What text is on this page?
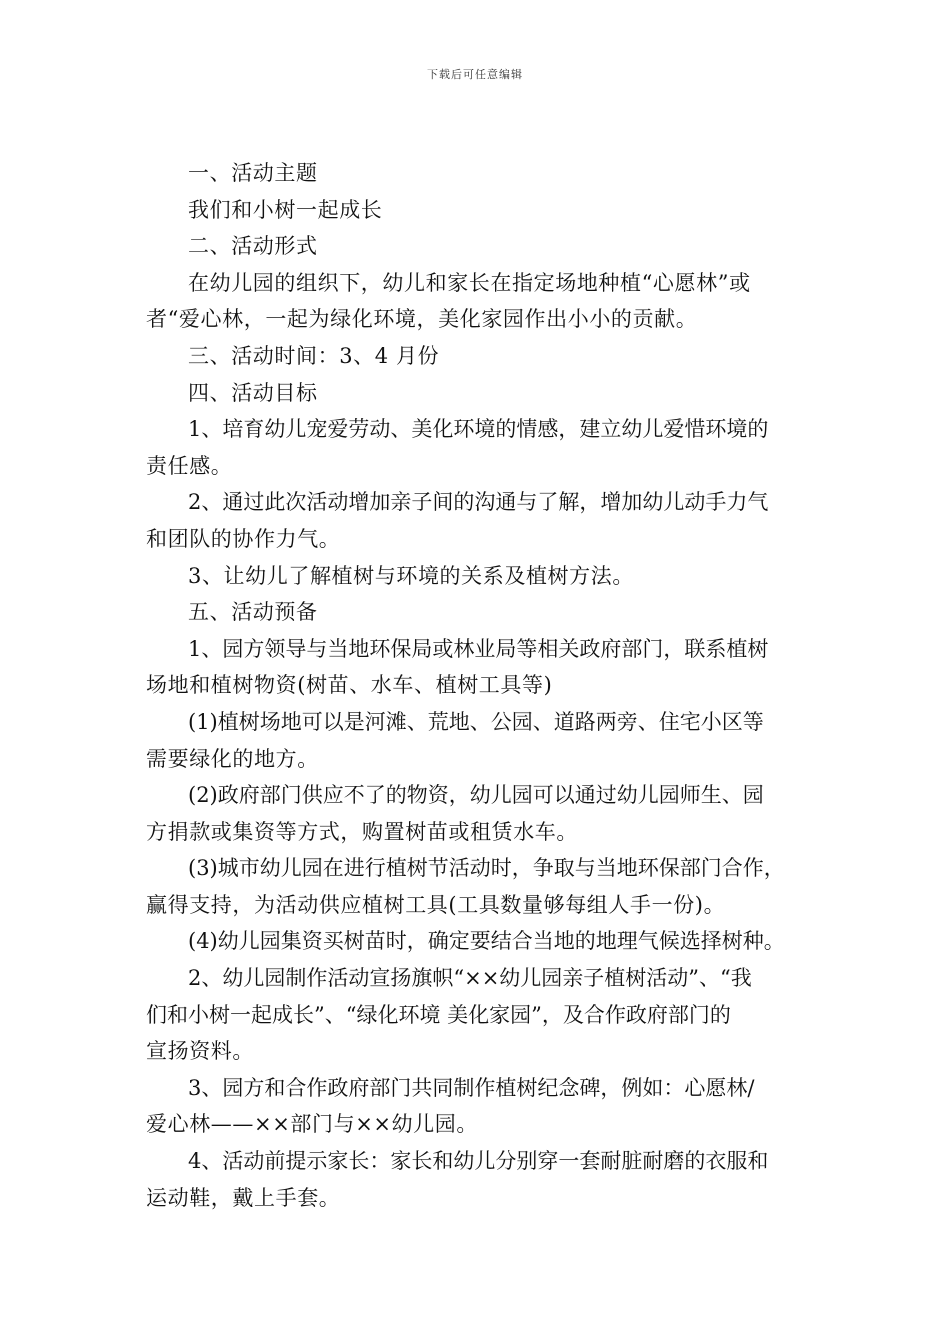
下载后可任意编辑
一、活动主题
我们和小树一起成长
二、活动形式
在幼儿园的组织下，幼儿和家长在指定场地种植“心愿林”或
者“爱心林，一起为绿化环境，美化家园作出小小的贡献。
三、活动时间：3、4 月份
四、活动目标
1、培育幼儿宠爱劳动、美化环境的情感，建立幼儿爱惜环境的
责任感。
2、通过此次活动增加亲子间的沟通与了解，增加幼儿动手力气
和团队的协作力气。
3、让幼儿了解植树与环境的关系及植树方法。
五、活动预备
1、园方领导与当地环保局或林业局等相关政府部门，联系植树
场地和植树物资(树苗、水车、植树工具等)
(1)植树场地可以是河滩、荒地、公园、道路两旁、住宅小区等
需要绿化的地方。
(2)政府部门供应不了的物资，幼儿园可以通过幼儿园师生、园
方捐款或集资等方式，购置树苗或租赁水车。
(3)城市幼儿园在进行植树节活动时，争取与当地环保部门合作，
赢得支持，为活动供应植树工具(工具数量够每组人手一份)。
(4)幼儿园集资买树苗时，确定要结合当地的地理气候选择树种。
2、幼儿园制作活动宣扬旗帜“××幼儿园亲子植树活动”、“我
们和小树一起成长”、“绿化环境 美化家园”，及合作政府部门的
宣扬资料。
3、园方和合作政府部门共同制作植树纪念碑，例如：心愿林/
爱心林——××部门与××幼儿园。
4、活动前提示家长：家长和幼儿分别穿一套耐脏耐磨的衣服和
运动鞋，戴上手套。
